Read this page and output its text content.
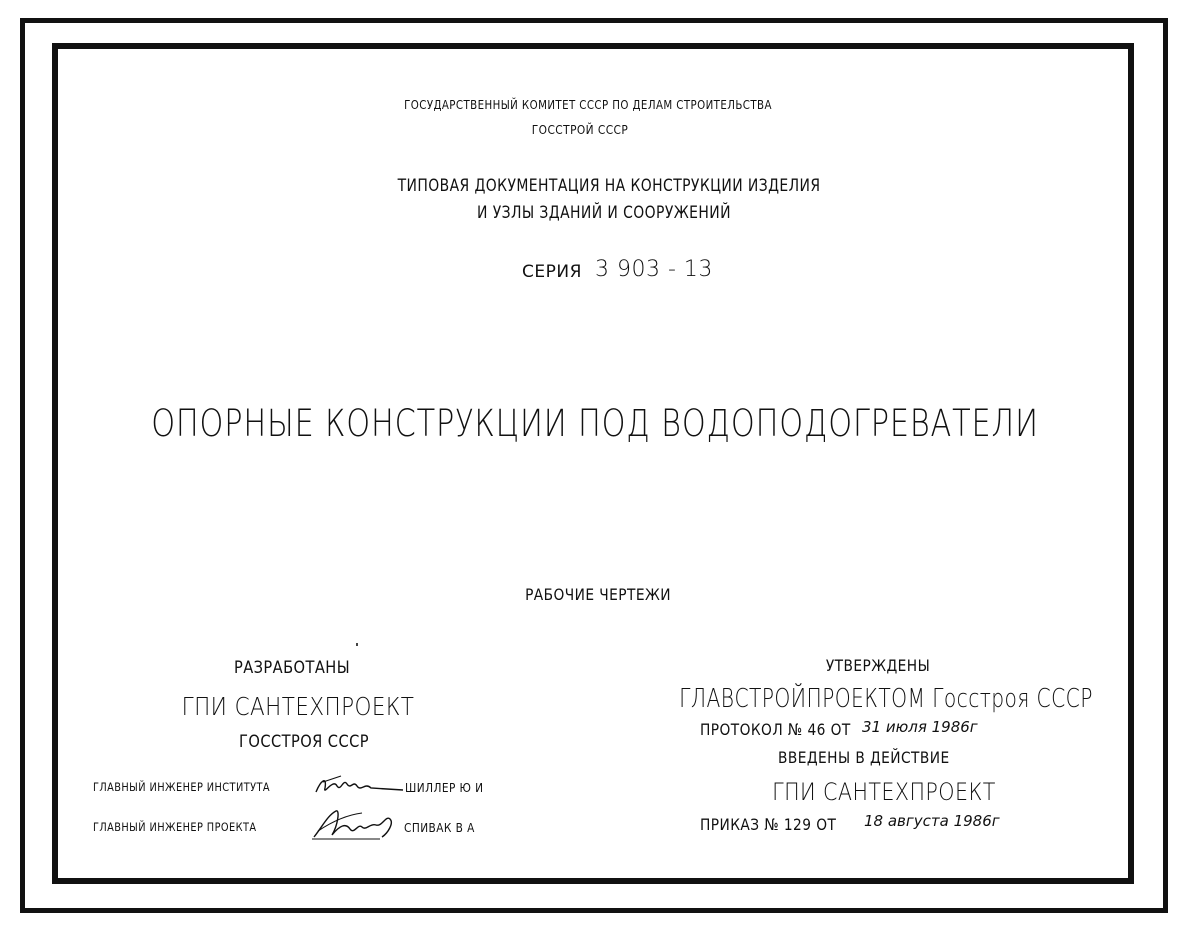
ГОСУДАРСТВЕННЫЙ КОМИТЕТ СССР ПО ДЕЛАМ СТРОИТЕЛЬСТВА
ГОССТРОЙ СССР
ТИПОВАЯ ДОКУМЕНТАЦИЯ НА КОНСТРУКЦИИ ИЗДЕЛИЯ
И УЗЛЫ ЗДАНИЙ И СООРУЖЕНИЙ
СЕРИЯ 3 903 - 13
ОПОРНЫЕ КОНСТРУКЦИИ ПОД ВОДОПОДОГРЕВАТЕЛИ
РАБОЧИЕ ЧЕРТЕЖИ
РАЗРАБОТАНЫ
ГПИ САНТЕХПРОЕКТ
ГОССТРОЯ СССР
ГЛАВНЫЙ ИНЖЕНЕР ИНСТИТУТА	ШИЛЛЕР Ю И
ГЛАВНЫЙ ИНЖЕНЕР ПРОЕКТА	СПИВАК В А
УТВЕРЖДЕНЫ
ГЛАВСТРОЙПРОЕКТОМ Госстроя СССР
ПРОТОКОЛ № 46 ОТ 31 июля 1986г
ВВЕДЕНЫ В ДЕЙСТВИЕ
ГПИ САНТЕХПРОЕКТ
ПРИКАЗ № 129 ОТ 18 августа 1986г
